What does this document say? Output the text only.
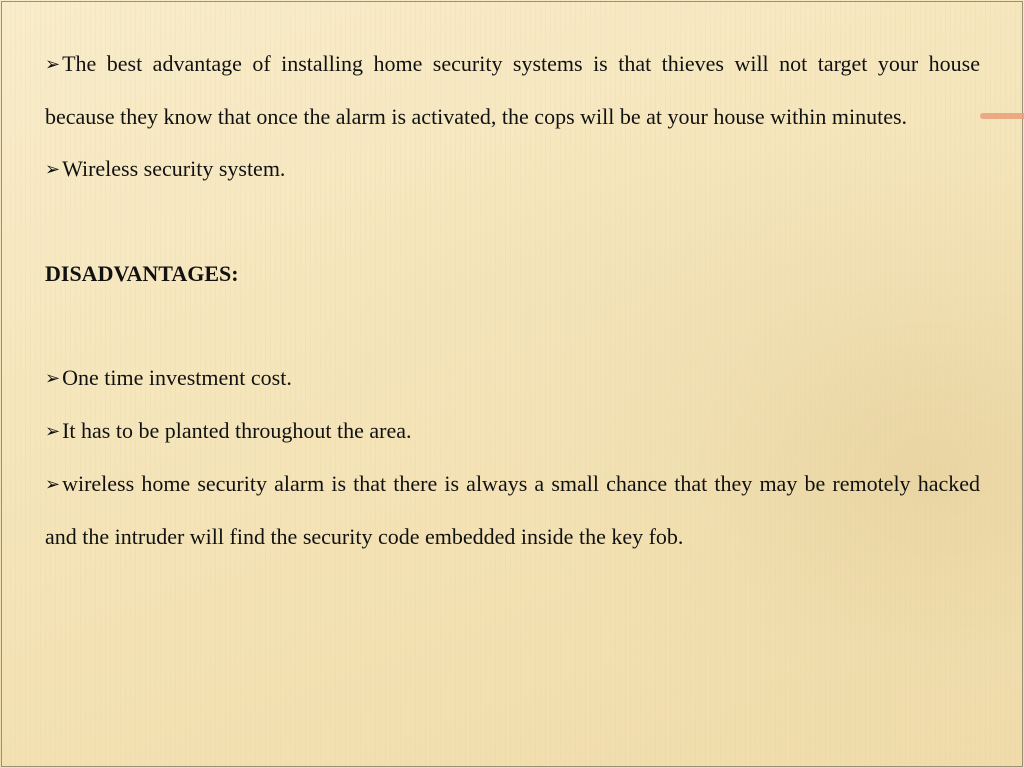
➢The best advantage of installing home security systems is that thieves will not target your house because they know that once the alarm is activated, the cops will be at your house within minutes.

➢Wireless security system.

DISADVANTAGES:

➢One time investment cost.

➢It has to be planted throughout the area.

➢wireless home security alarm is that there is always a small chance that they may be remotely hacked and the intruder will find the security code embedded inside the key fob.
